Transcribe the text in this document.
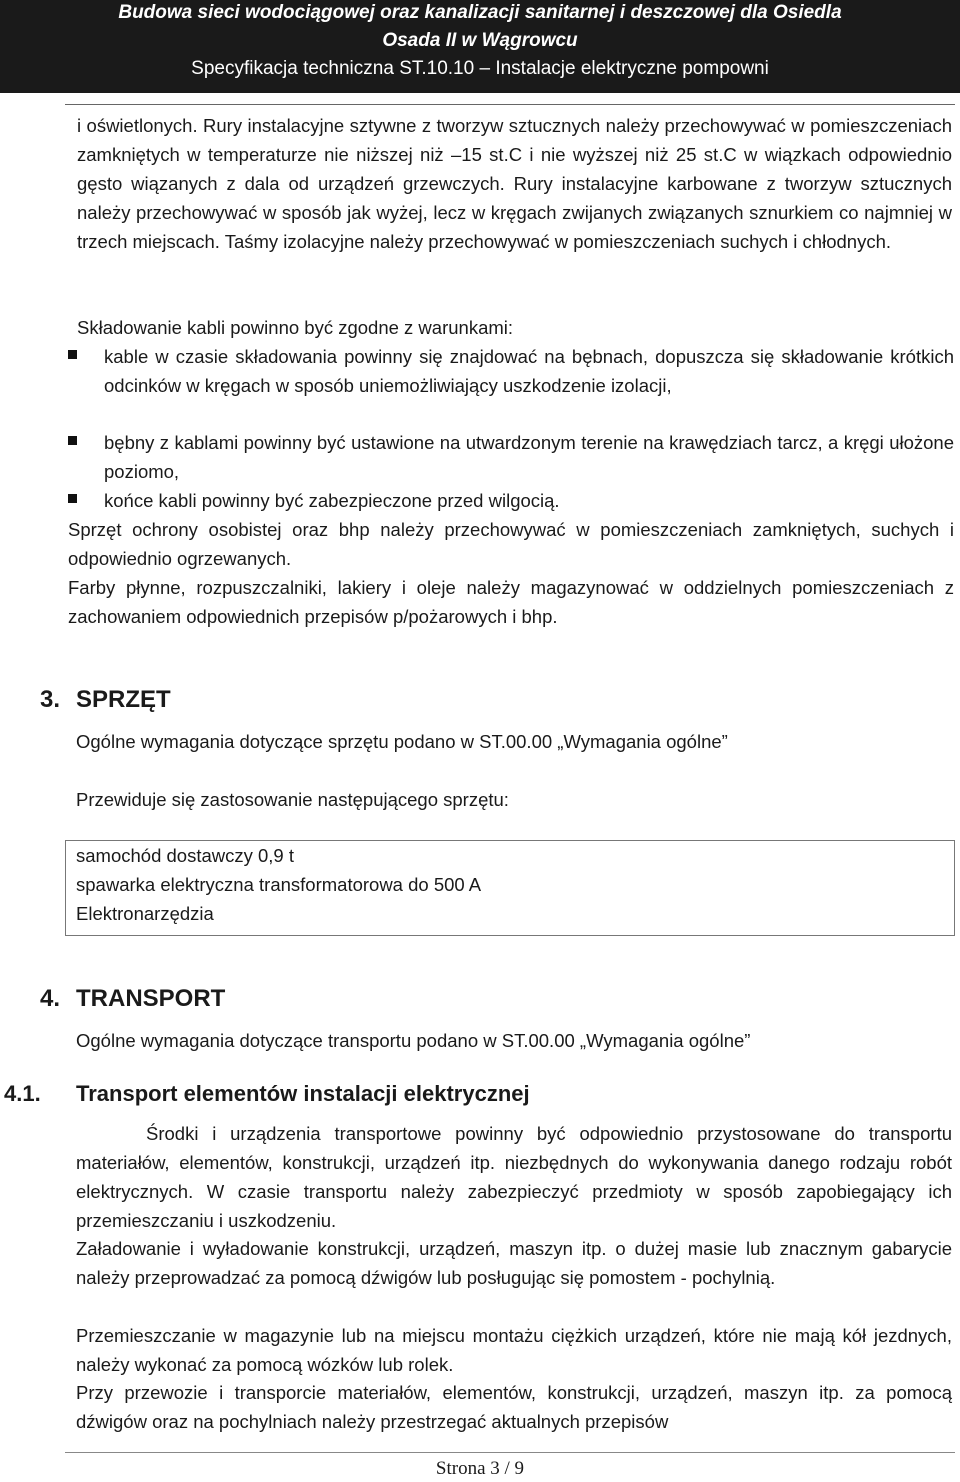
Budowa sieci wodociągowej oraz kanalizacji sanitarnej i deszczowej dla Osiedla
Osada II w Wągrowcu
Specyfikacja techniczna ST.10.10 – Instalacje elektryczne pompowni
i oświetlonych. Rury instalacyjne sztywne z tworzyw sztucznych należy przechowywać w pomieszczeniach zamkniętych w temperaturze nie niższej niż –15 st.C i nie wyższej niż 25 st.C w wiązkach odpowiednio gęsto wiązanych z dala od urządzeń grzewczych. Rury instalacyjne karbowane z tworzyw sztucznych należy przechowywać w sposób jak wyżej, lecz w kręgach zwijanych związanych sznurkiem co najmniej w trzech miejscach. Taśmy izolacyjne należy przechowywać w pomieszczeniach suchych i chłodnych.
Składowanie kabli powinno być zgodne z warunkami:
kable w czasie składowania powinny się znajdować na bębnach, dopuszcza się składowanie krótkich odcinków w kręgach w sposób uniemożliwiający uszkodzenie izolacji,
bębny z kablami powinny być ustawione na utwardzonym terenie na krawędziach tarcz, a kręgi ułożone poziomo,
końce kabli powinny być zabezpieczone przed wilgocią.
Sprzęt ochrony osobistej oraz bhp należy przechowywać w pomieszczeniach zamkniętych, suchych i odpowiednio ogrzewanych.
Farby płynne, rozpuszczalniki, lakiery i oleje należy magazynować w oddzielnych pomieszczeniach z zachowaniem odpowiednich przepisów p/pożarowych i bhp.
3. SPRZĘT
Ogólne wymagania dotyczące sprzętu podano w ST.00.00 „Wymagania ogólne”
Przewiduje się zastosowanie następującego sprzętu:
samochód dostawczy 0,9 t
spawarka elektryczna transformatorowa do 500 A
Elektronarzędzia
4. TRANSPORT
Ogólne wymagania dotyczące transportu podano w ST.00.00 „Wymagania ogólne”
4.1. Transport elementów instalacji elektrycznej
Środki i urządzenia transportowe powinny być odpowiednio przystosowane do transportu materiałów, elementów, konstrukcji, urządzeń itp. niezbędnych do wykonywania danego rodzaju robót elektrycznych. W czasie transportu należy zabezpieczyć przedmioty w sposób zapobiegający ich przemieszczaniu i uszkodzeniu.
Załadowanie i wyładowanie konstrukcji, urządzeń, maszyn itp. o dużej masie lub znacznym gabarycie należy przeprowadzać za pomocą dźwigów lub posługując się pomostem - pochylnią.
Przemieszczanie w magazynie lub na miejscu montażu ciężkich urządzeń, które nie mają kół jezdnych, należy wykonać za pomocą wózków lub rolek.
Przy przewozie i transporcie materiałów, elementów, konstrukcji, urządzeń, maszyn itp. za pomocą dźwigów oraz na pochylniach należy przestrzegać aktualnych przepisów
Strona 3 / 9
